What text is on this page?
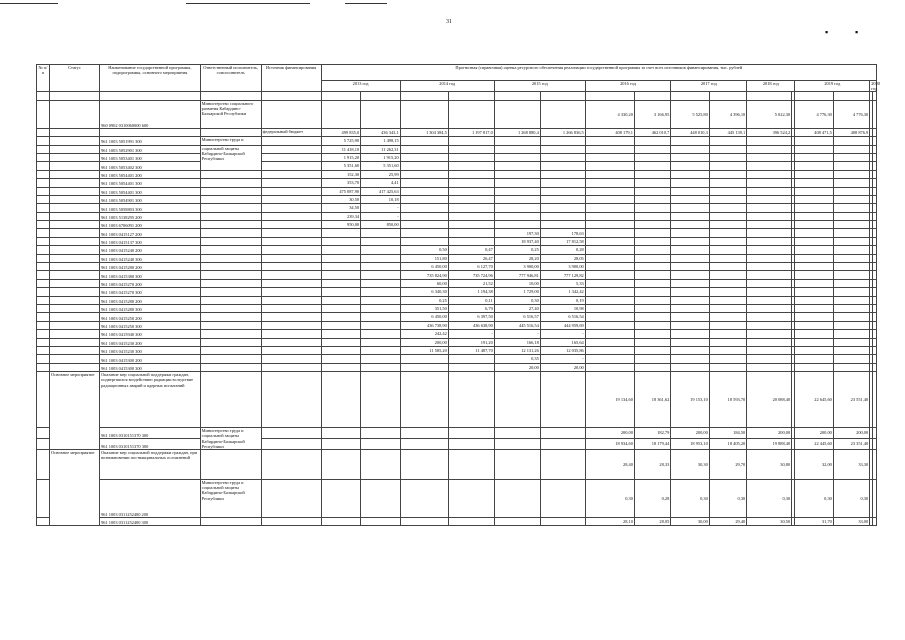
31
▪	▪
№ п/п	Статус	Наименование государственной программы, подпрограммы, основного мероприятия	Ответственный исполнитель, соисполнитель	Источник финансирования	Прогнозная (справочная) оценка ресурсного обеспечения реализации государственной программы за счет всех источников финансирования, тыс. рублей															
					2013 год		2014 год		2015 год		2016 год		2017 год		2018 год		2019 год		2020 год	

		960 0902 0310060000 600	Министерство социального развития Кабардино-Балкарской Республики								4 330,20	3 166,95	5 525,80	4 396,10	5 022,30		4 776,30	4 776,30		
				федеральный бюджет	499 835,0	436 343,1	1 304 384,5	1 197 817,0	1 268 880,4	1 266 836,5	408 179,1	462 010,7	448 010,3	445 139,1	396 524,2		408 471,5	408 876,9		
		961 1003 5051991 300	Министерство труда и		5 725,90	1 498,15														
		961 1003 5052901 300	социальной защиты Кабардино-Балкарской Республики		11 418,10	11 262,31														
		961 1003 5053401 300			1 915,20	1 915,20														
		961 1003 5053402 300			5 351,60	5 351,60														
		961 1003 5054401 200			152,30	25,99														
		961 1003 5054401 300			353,70	4,41														
		961 1003 5054401 300			475 087,90	417 425,63														
		961 1003 5054901 300			30,50	10,18														
		961 1003 5058803 300			34,50	-														
		961 1003 5138295 200			239,34	-														
		961 1003 6706091 200			950,00	850,00														
		961 1003 0415127 200							197,30	178,63										
		961 1003 0415137 300							18 937,40	17 812,58										
		961 1003 0415240 200					0,50	0,47	0,25	0,28										
		961 1003 0415240 300					151,80	26,47	28,20	28,05										
		961 1003 0415280 200					6 450,00	6 127,70	3 900,00	3 900,00										
		961 1003 0415380 300					735 824,90	735 724,96	777 946,81	777 129,82										
		961 1003 0415270 200					60,00	21,52	10,00	5,33										
		961 1003 0415270 300					6 340,30	1 194,38	1 729,00	1 342,42										
		961 1003 0415280 200					0,25	0,11	0,30	0,19										
		961 1003 0415280 300					351,50	6,79	27,40	10,98										
		961 1003 0415250 200					6 450,00	6 397,50	6 516,57	6 516,54										
		961 1003 0415250 300					436 738,90	436 638,90	445 516,54	444 959,69										
		961 1003 0415940 300					242,42	-	-	-										
		961 1003 0415230 200					200,00	191,20	166,18	165,64										
		961 1003 0415230 300					11 585,20	11 487,70	12 131,26	12 035,86										
		961 1003 0415300 200							0,35	-										
		961 1003 0415300 300							20,00	20,00										
	Основное мероприятие	Оказание мер социальной поддержки граждан, подвергшихся воздействию радиации вследствие радиационных аварий и ядерных испытаний									19 134,60	18 361,62	19 153,10	18 593,70	20 088,40		22 645,60	23 551,40		
		961 1003 0310151370 300	Министерство труда и социальной защиты Кабардино-Балкарской Республики								200,00	182,79	200,00	184,50	200,00		200,00	200,00		
		961 1003 0310151370 300									18 934,60	18 179,44	18 953,10	18 405,20	19 888,40		22 445,60	23 351,40		
	Основное мероприятие	Оказание мер социальной поддержки граждан, при возникновении поствакцинальных осложнений									28,40	28,33	30,30	29,70	30,80		32,00	33,30		
		961 1003 0311252400 200	Министерство труда и социальной защиты Кабардино-Балкарской Республики								0,30	0,28	0,30	0,30	0,30		0,30	0,30		
		961 1003 0311252400 300									28,10	28,05	30,00	29,40	30,50		31,70	33,00		
